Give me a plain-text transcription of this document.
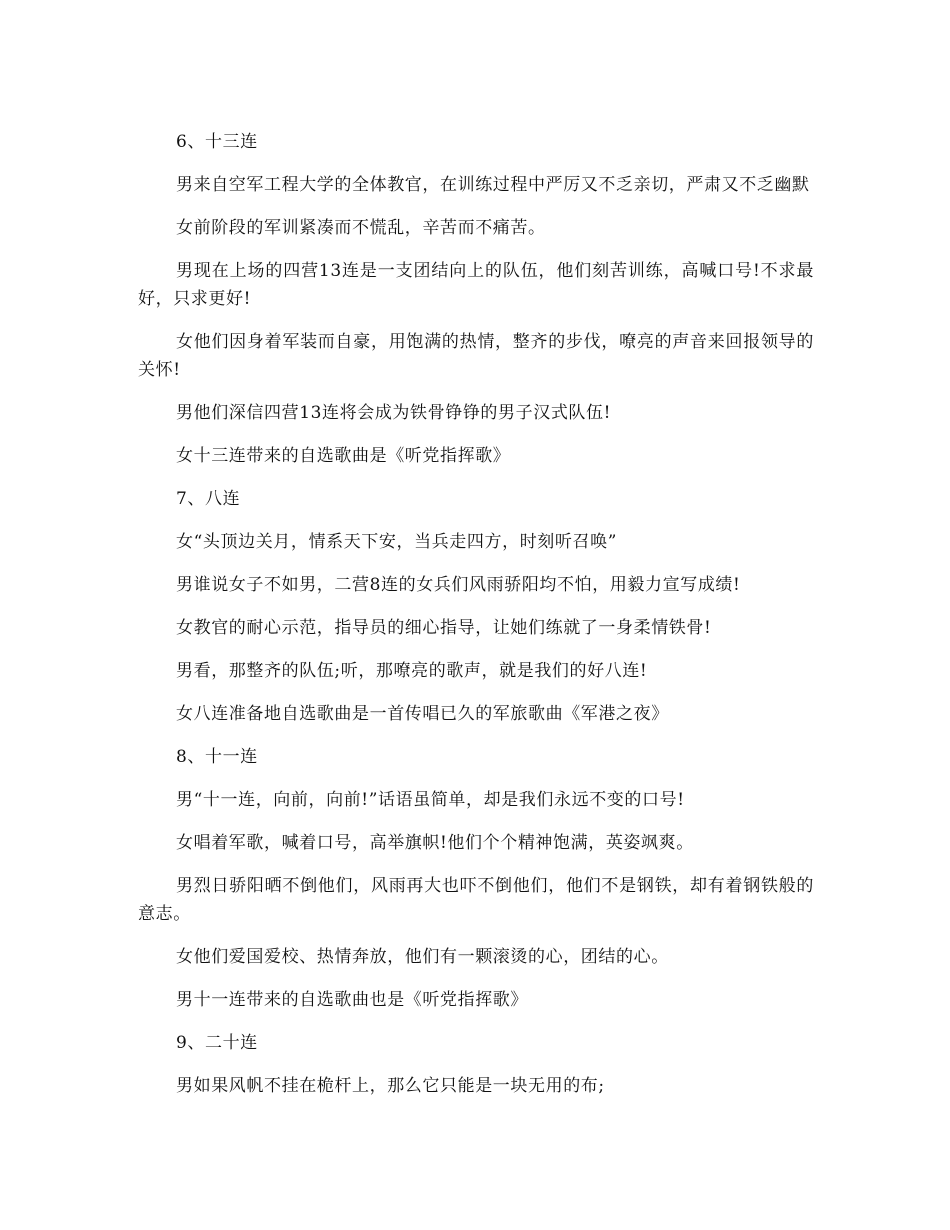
6、十三连

男来自空军工程大学的全体教官，在训练过程中严厉又不乏亲切，严肃又不乏幽默

女前阶段的军训紧凑而不慌乱，辛苦而不痛苦。

男现在上场的四营13连是一支团结向上的队伍，他们刻苦训练，高喊口号!不求最好，只求更好!

女他们因身着军装而自豪，用饱满的热情，整齐的步伐，嘹亮的声音来回报领导的关怀!

男他们深信四营13连将会成为铁骨铮铮的男子汉式队伍!

女十三连带来的自选歌曲是《听党指挥歌》

7、八连

女“头顶边关月，情系天下安，当兵走四方，时刻听召唤”

男谁说女子不如男，二营8连的女兵们风雨骄阳均不怕，用毅力宣写成绩!

女教官的耐心示范，指导员的细心指导，让她们练就了一身柔情铁骨!

男看，那整齐的队伍;听，那嘹亮的歌声，就是我们的好八连!

女八连准备地自选歌曲是一首传唱已久的军旅歌曲《军港之夜》

8、十一连

男“十一连，向前，向前!”话语虽简单，却是我们永远不变的口号!

女唱着军歌，喊着口号，高举旗帜!他们个个精神饱满，英姿飒爽。

男烈日骄阳晒不倒他们，风雨再大也吓不倒他们，他们不是钢铁，却有着钢铁般的意志。

女他们爱国爱校、热情奔放，他们有一颗滚烫的心，团结的心。

男十一连带来的自选歌曲也是《听党指挥歌》

9、二十连

男如果风帆不挂在桅杆上，那么它只能是一块无用的布;
